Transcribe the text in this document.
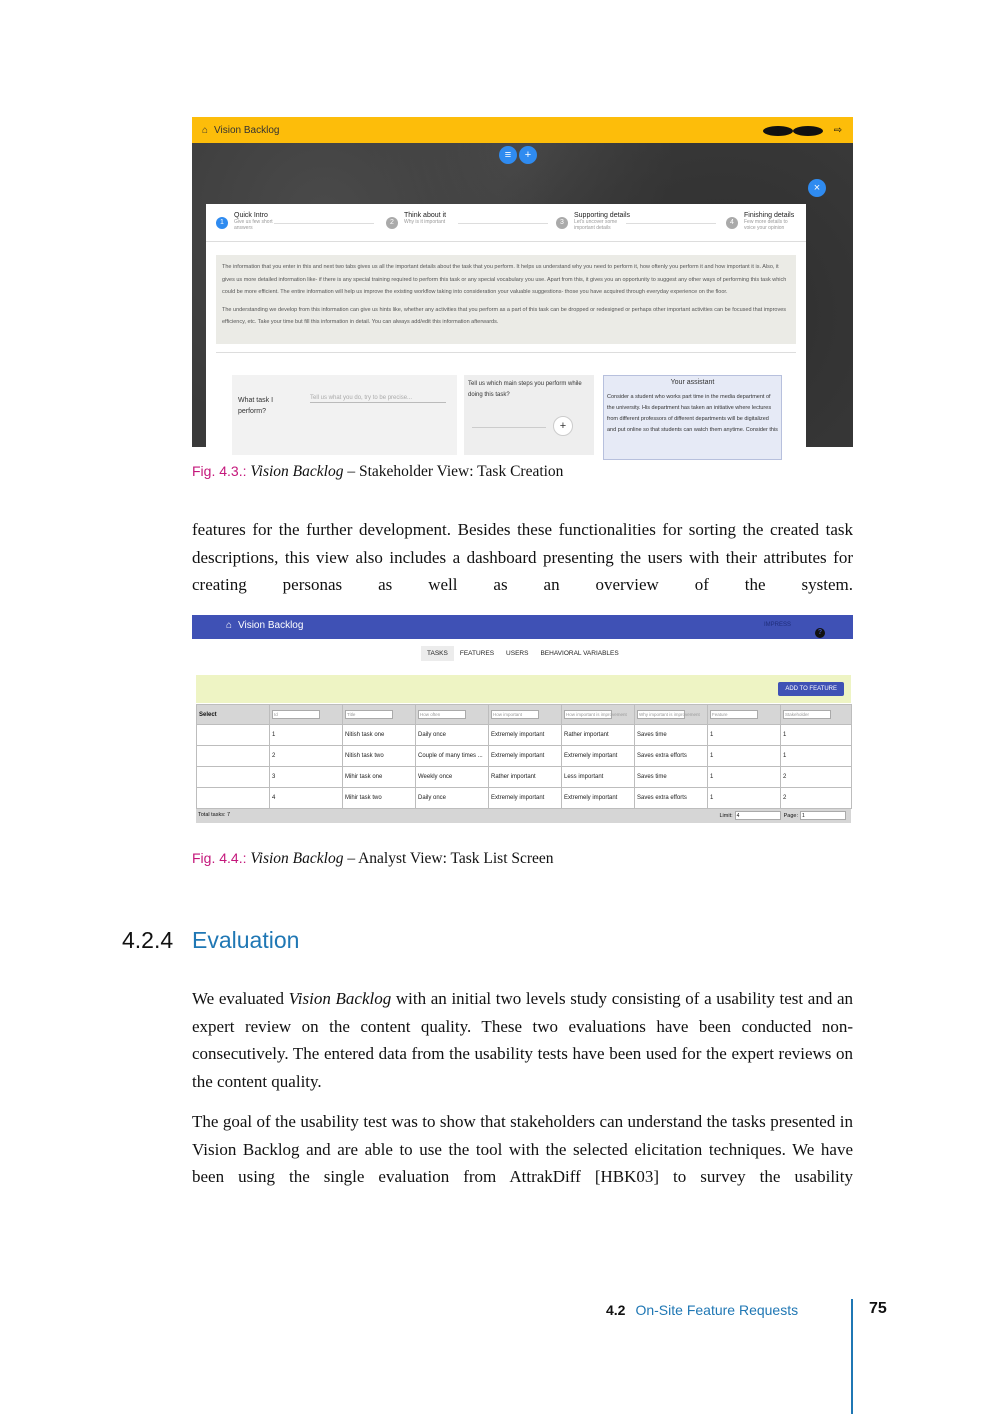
⌂ Vision Backlog	?	●	⇨
≡	+
×
1
Quick Intro
Give us few short answers
2
Think about it
Why is it important	3
Supporting details
Let's uncover some important details
4
Finishing details
Few more details to voice your opinion

The information that you enter in this and next two tabs gives us all the important details about the task that you perform. It helps us understand why you need to perform it, how oftenly you perform it and how important it is. Also, it gives us more detailed information like- if there is any special training required to perform this task or any special vocabulary you use. Apart from this, it gives you an opportunity to suggest any other ways of performing this task which could be more efficient. The entire information will help us improve the existing workflow taking into consideration your valuable suggestions- those you have acquired through everyday experience on the floor.

The understanding we develop from this information can give us hints like, whether any activities that you perform as a part of this task can be dropped or redesigned or perhaps other important activities can be focused that improves efficiency, etc. Take your time but fill this information in detail. You can always add/edit this information afterwards.

What task I perform?
Tell us what you do, try to be precise...
Tell us which main steps you perform while doing this task?
+
Your assistant
Consider a student who works part time in the media department of the university. His department has taken an initiative where lectures from different professors of different departments will be digitalized and put online so that students can watch them anytime. Consider this
Fig. 4.3.: Vision Backlog – Stakeholder View: Task Creation

features for the further development. Besides these functionalities for sorting the created task descriptions, this view also includes a dashboard presenting the users with their attributes for creating personas as well as an overview of the system.

⌂ Vision Backlog	IMPRESS
?
TASKS	FEATURES	USERS	BEHAVIORAL VARIABLES
ADD TO FEATURE
Select	Id	Title	How often	How important	How important is improvement	Why important is improvement	Feature	Stakeholder

	1	Nitish task one	Daily once	Extremely important	Rather important	Saves time	1	1
	2	Nitish task two	Couple of many times ...	Extremely important	Extremely important	Saves extra efforts	1	1
	3	Mihir task one	Weekly once	Rather important	Less important	Saves time	1	2
	4	Mihir task two	Daily once	Extremely important	Extremely important	Saves extra efforts	1	2
Total tasks: 7	Limit: 4	Page: 1
Fig. 4.4.: Vision Backlog – Analyst View: Task List Screen
4.2.4 Evaluation

We evaluated Vision Backlog with an initial two levels study consisting of a usability test and an expert review on the content quality. These two evaluations have been conducted non-consecutively. The entered data from the usability tests have been used for the expert reviews on the content quality.

The goal of the usability test was to show that stakeholders can understand the tasks presented in Vision Backlog and are able to use the tool with the selected elicitation techniques. We have been using the single evaluation from AttrakDiff [HBK03] to survey the usability

4.2 On-Site Feature Requests	75
